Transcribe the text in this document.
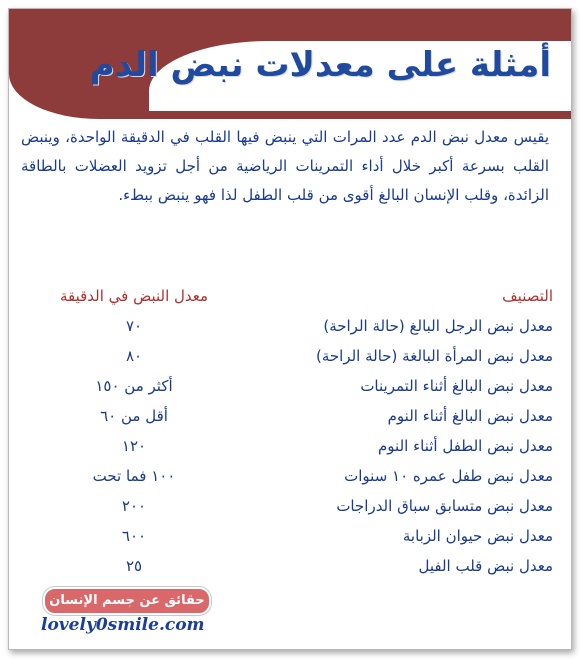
أمثلة على معدلات نبض الدم

يقيس معدل نبض الدم عدد المرات التي ينبض فيها القلب في الدقيقة الواحدة، وينبض القلب بسرعة أكبر خلال أداء التمرينات الرياضية من أجل تزويد العضلات بالطاقة الزائدة، وقلب الإنسان البالغ أقوى من قلب الطفل لذا فهو ينبض ببطء.

التصنيف
معدل النبض في الدقيقة
معدل نبض الرجل البالغ (حالة الراحة)
٧٠
معدل نبض المرأة البالغة (حالة الراحة)
٨٠
معدل نبض البالغ أثناء التمرينات
أكثر من ١٥٠
معدل نبض البالغ أثناء النوم
أقل من ٦٠
معدل نبض الطفل أثناء النوم
١٢٠
معدل نبض طفل عمره ١٠ سنوات
١٠٠ فما تحت
معدل نبض متسابق سباق الدراجات
٢٠٠
معدل نبض حيوان الزبابة
٦٠٠
معدل نبض قلب الفيل
٢٥
حقائق عن جسم الإنسان
lovely0smile.com
